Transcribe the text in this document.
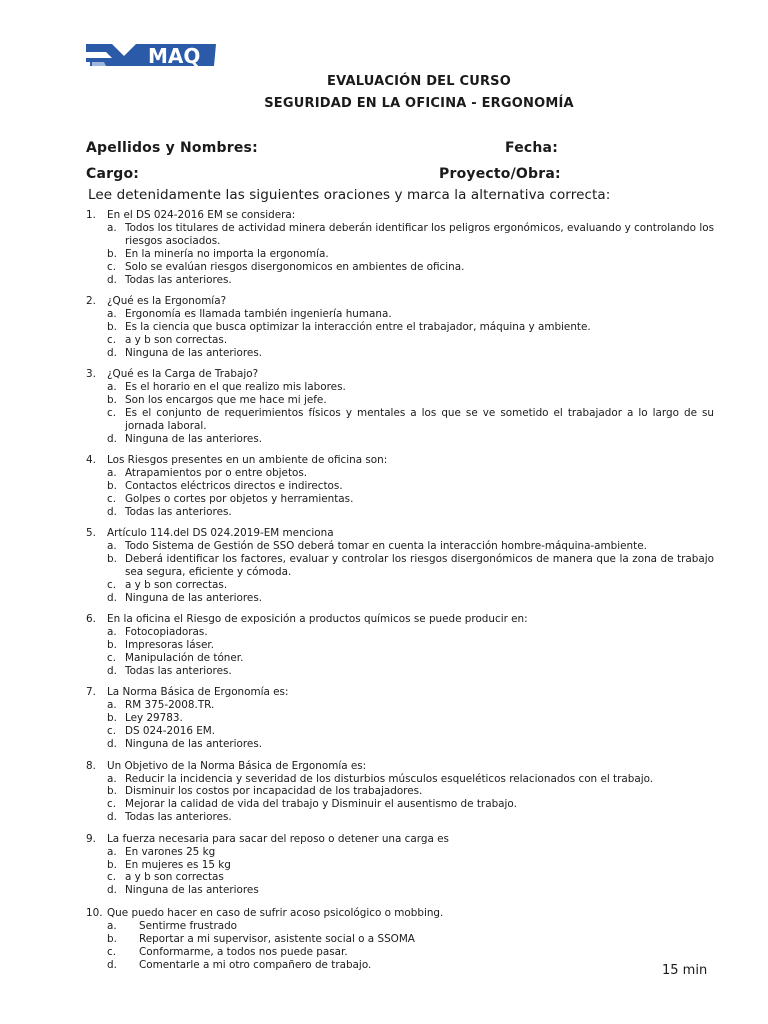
MAQ
EVALUACIÓN DEL CURSO
SEGURIDAD EN LA OFICINA - ERGONOMÍA
Apellidos y Nombres:	Fecha:
Cargo:	Proyecto/Obra:
Lee detenidamente las siguientes oraciones y marca la alternativa correcta:
1.	En el DS 024-2016 EM se considera:
a. Todos los titulares de actividad minera deberán identificar los peligros ergonómicos, evaluando y controlando los riesgos asociados.
b. En la minería no importa la ergonomía.
c. Solo se evalúan riesgos disergonomicos en ambientes de oficina.
d. Todas las anteriores.
2.	¿Qué es la Ergonomía?
a. Ergonomía es llamada también ingeniería humana.
b. Es la ciencia que busca optimizar la interacción entre el trabajador, máquina y ambiente.
c. a y b son correctas.
d. Ninguna de las anteriores.
3.	¿Qué es la Carga de Trabajo?
a. Es el horario en el que realizo mis labores.
b. Son los encargos que me hace mi jefe.
c. Es el conjunto de requerimientos físicos y mentales a los que se ve sometido el trabajador a lo largo de su jornada laboral.
d. Ninguna de las anteriores.
4.	Los Riesgos presentes en un ambiente de oficina son:
a. Atrapamientos por o entre objetos.
b. Contactos eléctricos directos e indirectos.
c. Golpes o cortes por objetos y herramientas.
d. Todas las anteriores.
5.	Artículo 114.del DS 024.2019-EM menciona
a. Todo Sistema de Gestión de SSO deberá tomar en cuenta la interacción hombre-máquina-ambiente.
b. Deberá identificar los factores, evaluar y controlar los riesgos disergonómicos de manera que la zona de trabajo sea segura, eficiente y cómoda.
c. a y b son correctas.
d. Ninguna de las anteriores.
6.	En la oficina el Riesgo de exposición a productos químicos se puede producir en:
a. Fotocopiadoras.
b. Impresoras láser.
c. Manipulación de tóner.
d. Todas las anteriores.
7.	La Norma Básica de Ergonomía es:
a. RM 375-2008.TR.
b. Ley 29783.
c. DS 024-2016 EM.
d. Ninguna de las anteriores.
8.	Un Objetivo de la Norma Básica de Ergonomía es:
a. Reducir la incidencia y severidad de los disturbios músculos esqueléticos relacionados con el trabajo.
b. Disminuir los costos por incapacidad de los trabajadores.
c. Mejorar la calidad de vida del trabajo y Disminuir el ausentismo de trabajo.
d. Todas las anteriores.
9.	La fuerza necesaria para sacar del reposo o detener una carga es
a. En varones 25 kg
b. En mujeres es 15 kg
c. a y b son correctas
d. Ninguna de las anteriores
10. Que puedo hacer en caso de sufrir acoso psicológico o mobbing.
a.	Sentirme frustrado
b.	Reportar a mi supervisor, asistente social o a SSOMA
c.	Conformarme, a todos nos puede pasar.
d.	Comentarle a mi otro compañero de trabajo.	15 min
